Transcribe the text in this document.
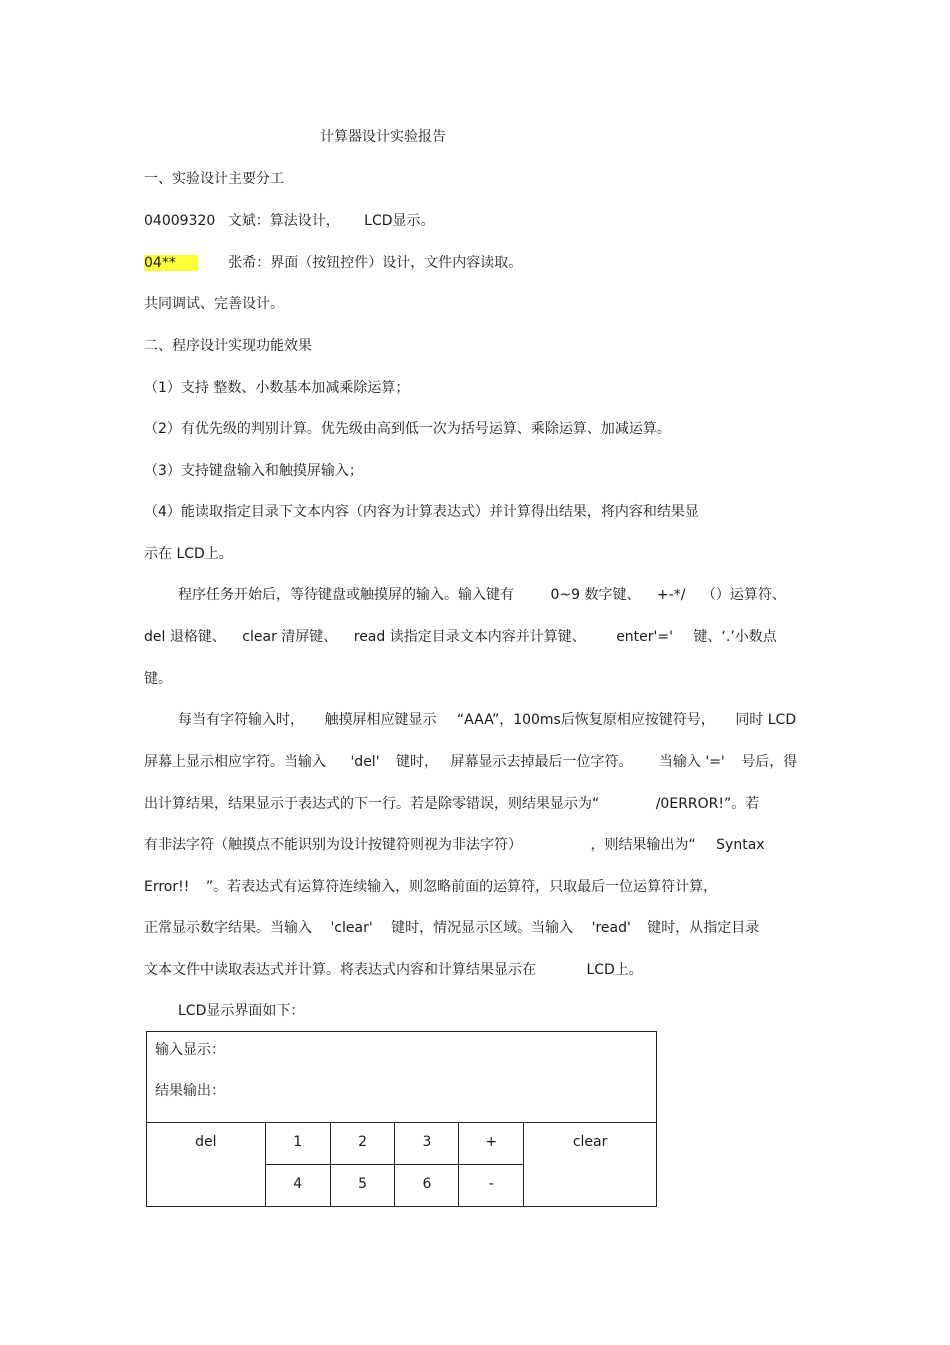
计算器设计实验报告
一、实验设计主要分工
04009320 文斌：算法设计， LCD显示。
04**	张希：界面（按钮控件）设计，文件内容读取。
共同调试、完善设计。
二、程序设计实现功能效果
（1）支持 整数、小数基本加减乘除运算；
（2）有优先级的判别计算。优先级由高到低一次为括号运算、乘除运算、加减运算。
（3）支持键盘输入和触摸屏输入；
（4）能读取指定目录下文本内容（内容为计算表达式）并计算得出结果，将内容和结果显
示在 LCD上。
程序任务开始后，等待键盘或触摸屏的输入。输入键有	0~9 数字键、 +-*/ （）运算符、
del 退格键、 clear 清屏键、 read 读指定目录文本内容并计算键、 enter'=' 键、‘.’小数点
键。
每当有字符输入时， 触摸屏相应键显示 “AAA”，100ms后恢复原相应按键符号， 同时 LCD
屏幕上显示相应字符。当输入 'del' 键时， 屏幕显示去掉最后一位字符。 当输入 '=' 号后，得
出计算结果，结果显示于表达式的下一行。若是除零错误，则结果显示为“	/0ERROR!”。若
有非法字符（触摸点不能识别为设计按键符则视为非法字符）	，则结果输出为“ Syntax
Error!! ”。若表达式有运算符连续输入，则忽略前面的运算符，只取最后一位运算符计算，
正常显示数字结果。当输入 'clear' 键时，情况显示区域。当输入 'read' 键时，从指定目录
文本文件中读取表达式并计算。将表达式内容和计算结果显示在	LCD上。
LCD显示界面如下：
输入显示：
结果输出：					

del	1	2	3	+	clear
	4	5	6	-	
